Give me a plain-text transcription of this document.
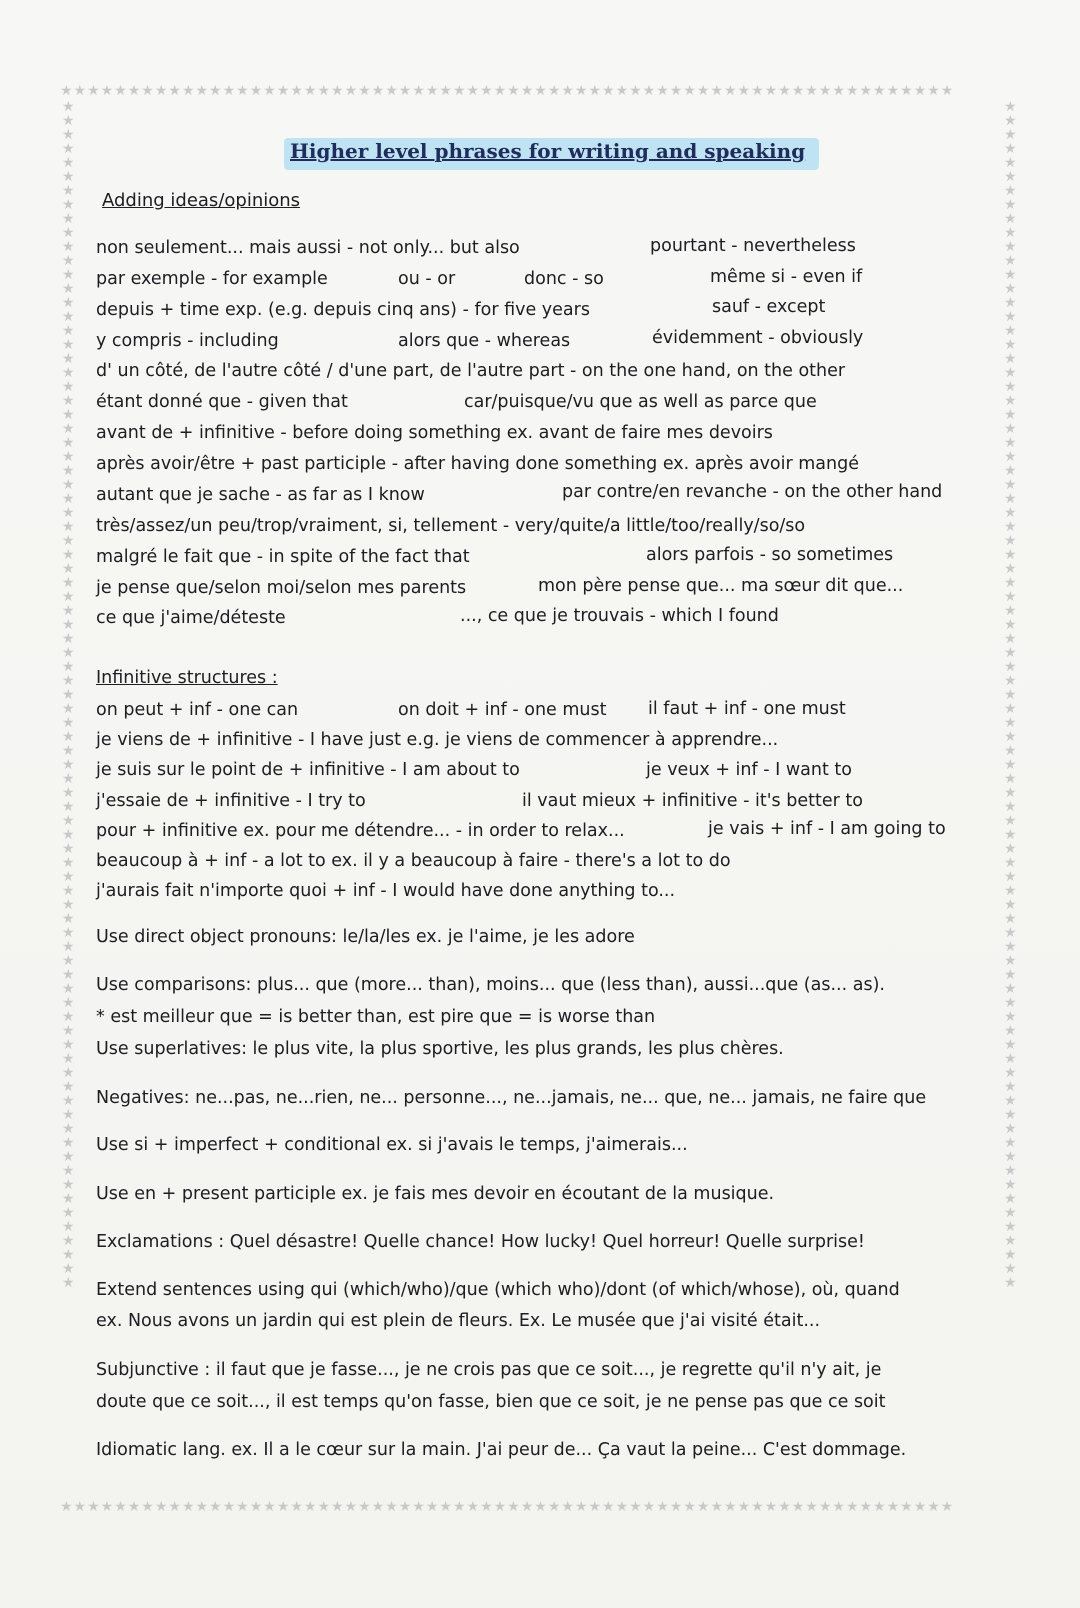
★★★★★★★★★★★★★★★★★★★★★★★★★★★★★★★★★★★★★★★★★★★★★★★★★★★★★★★★★★★★★★★★★★
★★★★★★★★★★★★★★★★★★★★★★★★★★★★★★★★★★★★★★★★★★★★★★★★★★★★★★★★★★★★★★★★★★
★★★★★★★★★★★★★★★★★★★★★★★★★★★★★★★★★★★★★★★★★★★★★★★★★★★★★★★★★★★★★★★★★★★★★★★★★★★★★★★★★★★★★
★★★★★★★★★★★★★★★★★★★★★★★★★★★★★★★★★★★★★★★★★★★★★★★★★★★★★★★★★★★★★★★★★★★★★★★★★★★★★★★★★★★★★
Higher level phrases for writing and speaking
Adding ideas/opinions
non seulement... mais aussi - not only... but also	pourtant - nevertheless
par exemple - for example	ou - or	donc - so	même si - even if
depuis + time exp. (e.g. depuis cinq ans) - for five years	sauf - except
y compris - including	alors que - whereas	évidemment - obviously
d' un côté, de l'autre côté / d'une part, de l'autre part - on the one hand, on the other
étant donné que - given that	car/puisque/vu que as well as parce que
avant de + infinitive - before doing something ex. avant de faire mes devoirs
après avoir/être + past participle - after having done something ex. après avoir mangé
autant que je sache - as far as I know	par contre/en revanche - on the other hand
très/assez/un peu/trop/vraiment, si, tellement - very/quite/a little/too/really/so/so
malgré le fait que - in spite of the fact that	alors parfois - so sometimes
je pense que/selon moi/selon mes parents	mon père pense que... ma sœur dit que...
ce que j'aime/déteste	..., ce que je trouvais - which I found
Infinitive structures :
on peut + inf - one can	on doit + inf - one must il faut + inf - one must
je viens de + infinitive - I have just e.g. je viens de commencer à apprendre...
je suis sur le point de + infinitive - I am about to	je veux + inf - I want to
j'essaie de + infinitive - I try to	il vaut mieux + infinitive - it's better to
pour + infinitive ex. pour me détendre... - in order to relax...	je vais + inf - I am going to
beaucoup à + inf - a lot to ex. il y a beaucoup à faire - there's a lot to do
j'aurais fait n'importe quoi + inf - I would have done anything to...
Use direct object pronouns: le/la/les ex. je l'aime, je les adore
Use comparisons: plus... que (more... than), moins... que (less than), aussi...que (as... as).
* est meilleur que = is better than, est pire que = is worse than
Use superlatives: le plus vite, la plus sportive, les plus grands, les plus chères.
Negatives: ne...pas, ne...rien, ne... personne..., ne...jamais, ne... que, ne... jamais, ne faire que
Use si + imperfect + conditional ex. si j'avais le temps, j'aimerais...
Use en + present participle ex. je fais mes devoir en écoutant de la musique.
Exclamations : Quel désastre! Quelle chance! How lucky! Quel horreur! Quelle surprise!
Extend sentences using qui (which/who)/que (which who)/dont (of which/whose), où, quand
ex. Nous avons un jardin qui est plein de fleurs. Ex. Le musée que j'ai visité était...
Subjunctive : il faut que je fasse..., je ne crois pas que ce soit..., je regrette qu'il n'y ait, je
doute que ce soit..., il est temps qu'on fasse, bien que ce soit, je ne pense pas que ce soit
Idiomatic lang. ex. Il a le cœur sur la main. J'ai peur de... Ça vaut la peine... C'est dommage.
